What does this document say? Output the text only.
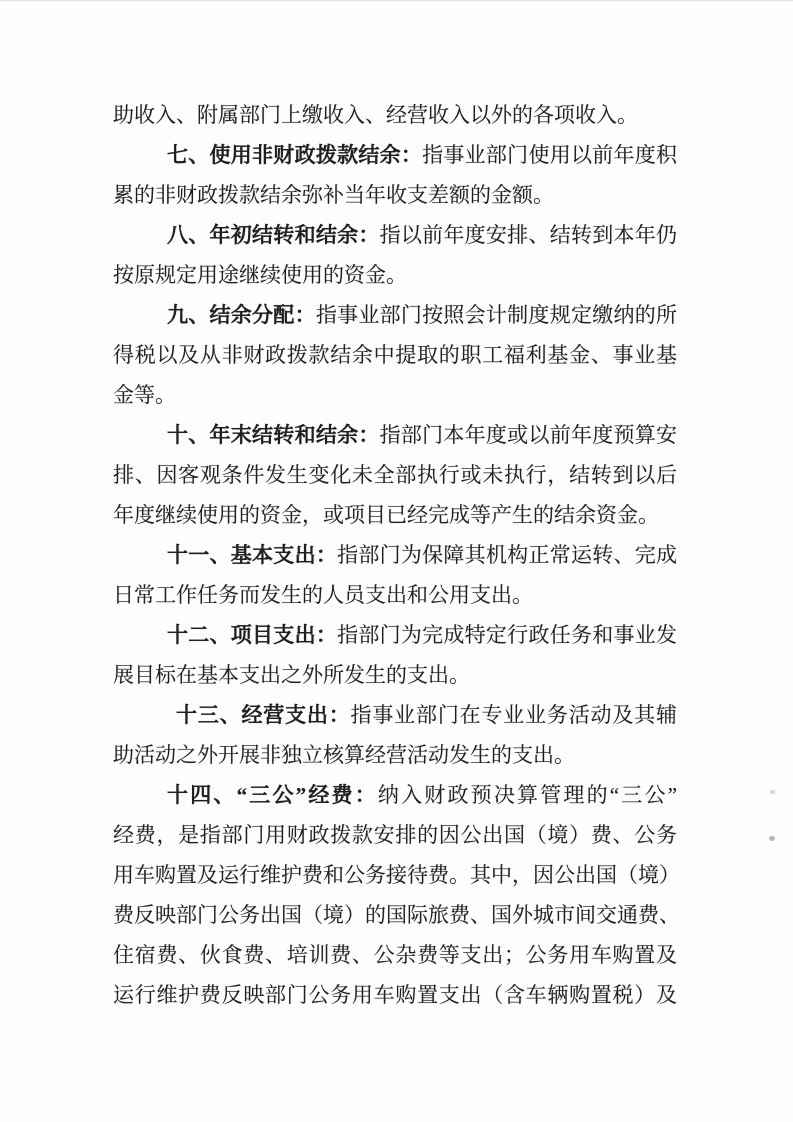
助收入、附属部门上缴收入、经营收入以外的各项收入。
七、使用非财政拨款结余：指事业部门使用以前年度积
累的非财政拨款结余弥补当年收支差额的金额。
八、年初结转和结余：指以前年度安排、结转到本年仍
按原规定用途继续使用的资金。
九、结余分配：指事业部门按照会计制度规定缴纳的所
得税以及从非财政拨款结余中提取的职工福利基金、事业基
金等。
十、年末结转和结余：指部门本年度或以前年度预算安
排、因客观条件发生变化未全部执行或未执行，结转到以后
年度继续使用的资金，或项目已经完成等产生的结余资金。
十一、基本支出：指部门为保障其机构正常运转、完成
日常工作任务而发生的人员支出和公用支出。
十二、项目支出：指部门为完成特定行政任务和事业发
展目标在基本支出之外所发生的支出。
十三、经营支出：指事业部门在专业业务活动及其辅
助活动之外开展非独立核算经营活动发生的支出。
十四、“三公”经费：纳入财政预决算管理的“三公”
经费，是指部门用财政拨款安排的因公出国（境）费、公务
用车购置及运行维护费和公务接待费。其中，因公出国（境）
费反映部门公务出国（境）的国际旅费、国外城市间交通费、
住宿费、伙食费、培训费、公杂费等支出；公务用车购置及
运行维护费反映部门公务用车购置支出（含车辆购置税）及
